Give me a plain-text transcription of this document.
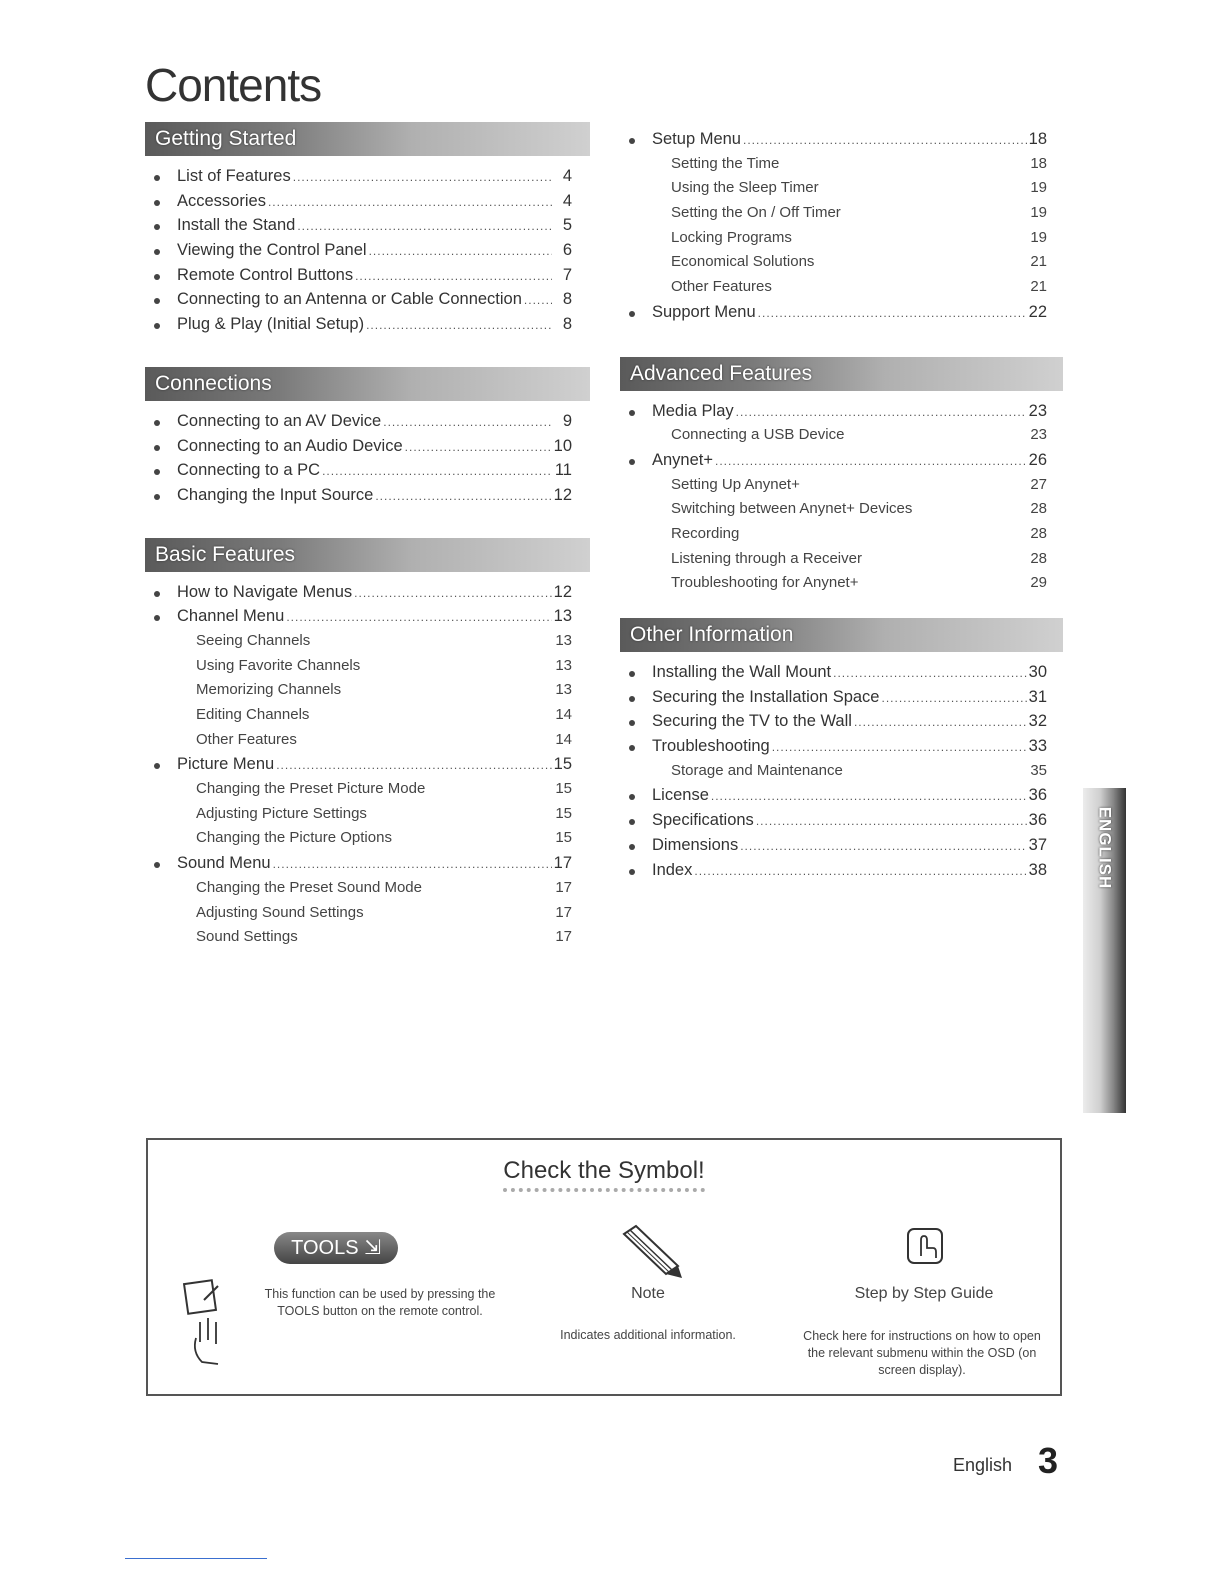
Contents
Getting Started
List of Features .....	4
Accessories .....	4
Install the Stand .....	5
Viewing the Control Panel .....	6
Remote Control Buttons .....	7
Connecting to an Antenna or Cable Connection .....	8
Plug & Play (Initial Setup) .....	8
Connections
Connecting to an AV Device .....	9
Connecting to an Audio Device .....	10
Connecting to a PC .....	11
Changing the Input Source .....	12
Basic Features
How to Navigate Menus .....	12
Channel Menu .....	13
Seeing Channels	13
Using Favorite Channels	13
Memorizing Channels	13
Editing Channels	14
Other Features	14
Picture Menu .....	15
Changing the Preset Picture Mode	15
Adjusting Picture Settings	15
Changing the Picture Options	15
Sound Menu .....	17
Changing the Preset Sound Mode	17
Adjusting Sound Settings	17
Sound Settings	17
Setup Menu .....	18
Setting the Time	18
Using the Sleep Timer	19
Setting the On / Off Timer	19
Locking Programs	19
Economical Solutions	21
Other Features	21
Support Menu .....	22
Advanced Features
Media Play .....	23
Connecting a USB Device	23
Anynet+ .....	26
Setting Up Anynet+	27
Switching between Anynet+ Devices	28
Recording	28
Listening through a Receiver	28
Troubleshooting for Anynet+	29
Other Information
Installing the Wall Mount .....	30
Securing the Installation Space .....	31
Securing the TV to the Wall .....	32
Troubleshooting .....	33
Storage and Maintenance	35
License .....	36
Specifications .....	36
Dimensions .....	37
Index .....	38	ENGLISH
Check the Symbol!
TOOLS ⇲
This function can be used by pressing the
TOOLS button on the remote control.
Note
Indicates additional information.
Step by Step Guide
Check here for instructions on how to open
the relevant submenu within the OSD (on
screen display).
English 3
